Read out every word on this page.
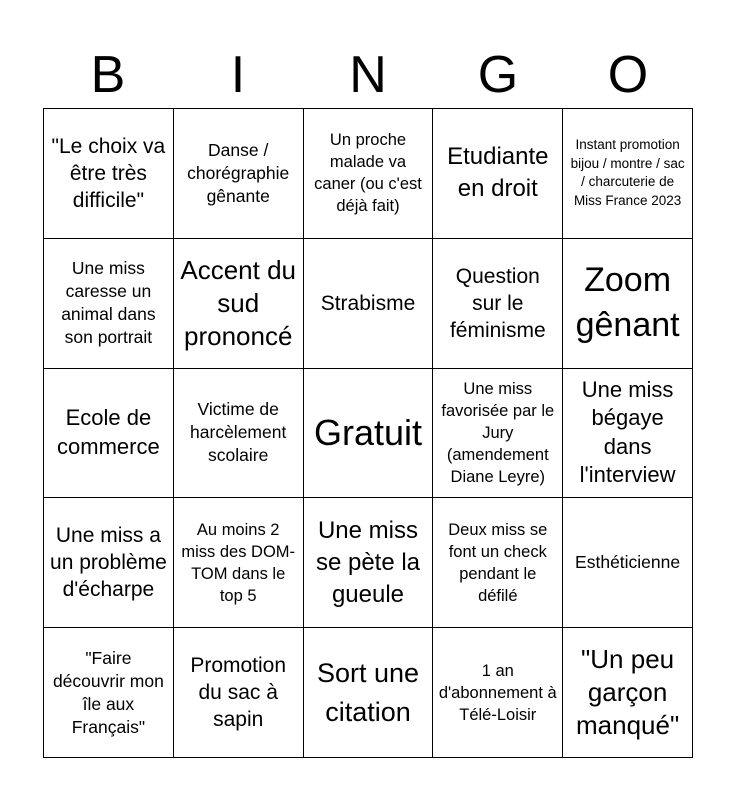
B	I	N	G	O
"Le choix va être très difficile"
Danse / chorégraphie gênante
Un proche malade va caner (ou c'est déjà fait)
Etudiante en droit
Instant promotion bijou / montre / sac / charcuterie de Miss France 2023
Une miss caresse un animal dans son portrait
Accent du sud prononcé
Strabisme
Question sur le féminisme
Zoom gênant
Ecole de commerce
Victime de harcèlement scolaire
Gratuit
Une miss favorisée par le Jury (amendement Diane Leyre)
Une miss bégaye dans l'interview
Une miss a un problème d'écharpe
Au moins 2 miss des DOM-TOM dans le top 5
Une miss se pète la gueule
Deux miss se font un check pendant le défilé
Esthéticienne
"Faire découvrir mon île aux Français"
Promotion du sac à sapin
Sort une citation
1 an d'abonnement à Télé-Loisir
"Un peu garçon manqué"
